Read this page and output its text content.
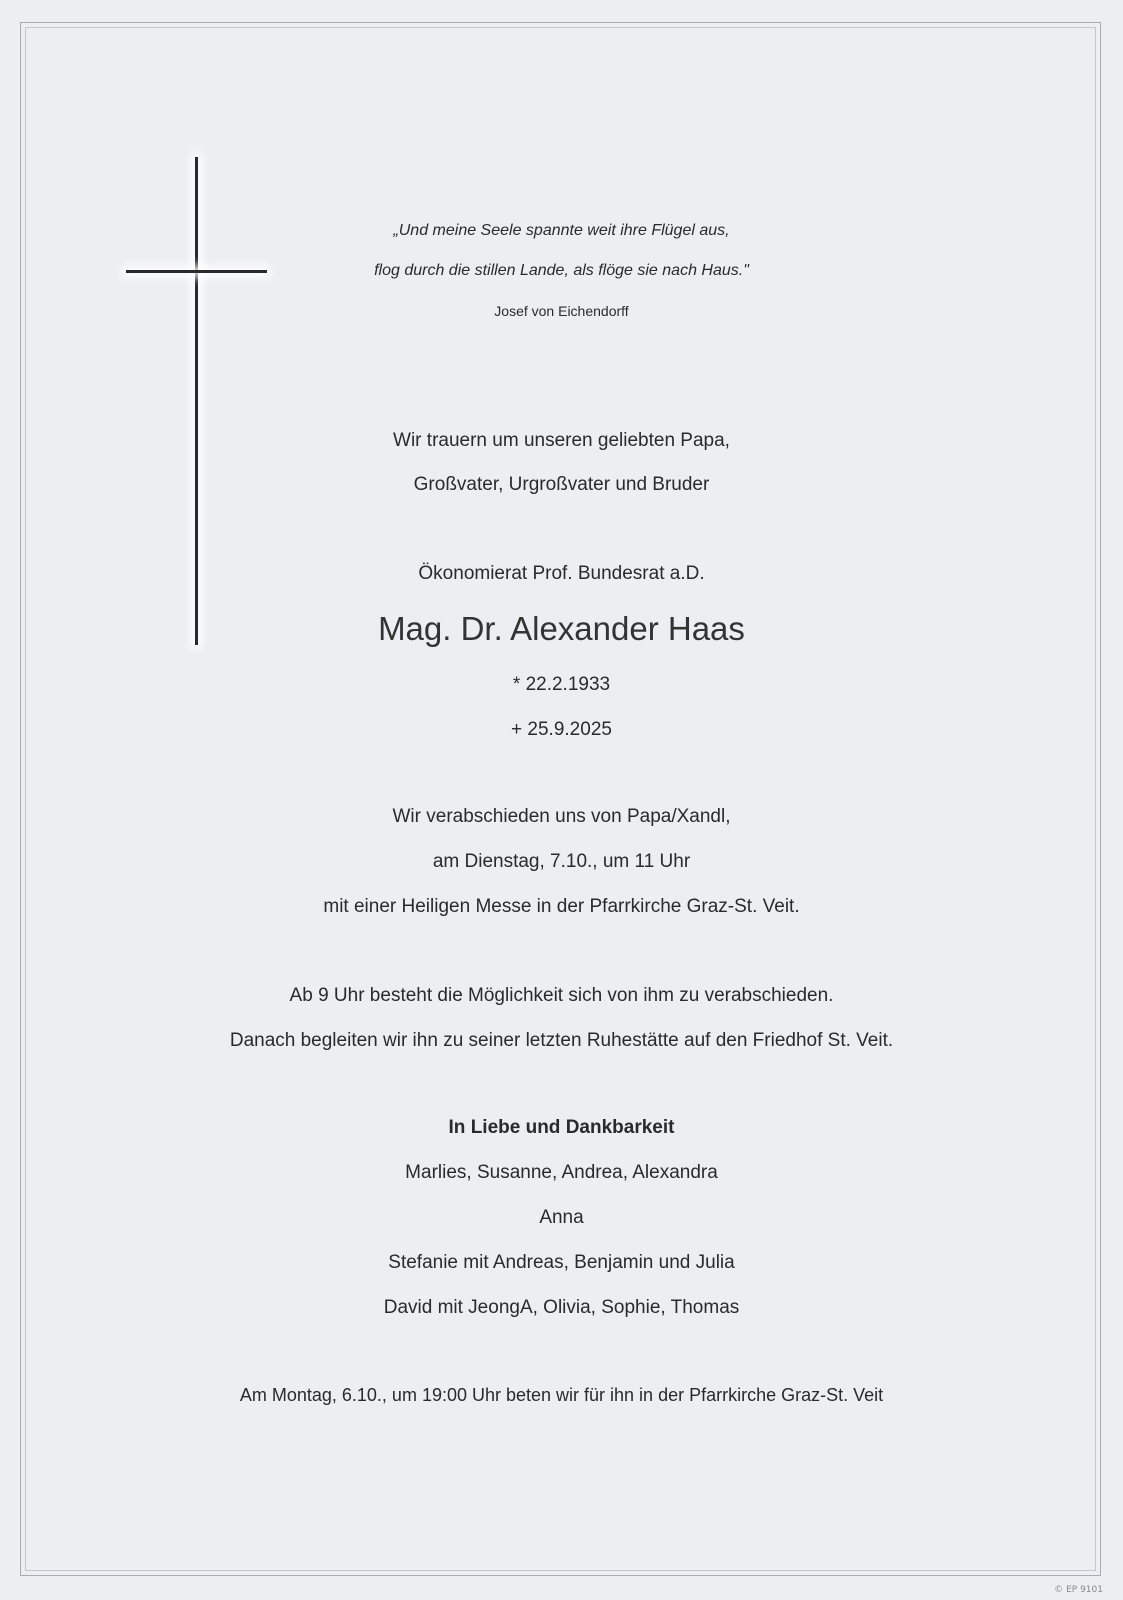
„Und meine Seele spannte weit ihre Flügel aus,

flog durch die stillen Lande, als flöge sie nach Haus."

Josef von Eichendorff

Wir trauern um unseren geliebten Papa,

Großvater, Urgroßvater und Bruder

Ökonomierat Prof. Bundesrat a.D.

Mag. Dr. Alexander Haas

* 22.2.1933

+ 25.9.2025

Wir verabschieden uns von Papa/Xandl,

am Dienstag, 7.10., um 11 Uhr

mit einer Heiligen Messe in der Pfarrkirche Graz-St. Veit.

Ab 9 Uhr besteht die Möglichkeit sich von ihm zu verabschieden.

Danach begleiten wir ihn zu seiner letzten Ruhestätte auf den Friedhof St. Veit.

In Liebe und Dankbarkeit

Marlies, Susanne, Andrea, Alexandra

Anna

Stefanie mit Andreas, Benjamin und Julia

David mit JeongA, Olivia, Sophie, Thomas

Am Montag, 6.10., um 19:00 Uhr beten wir für ihn in der Pfarrkirche Graz-St. Veit

© EP 9101
